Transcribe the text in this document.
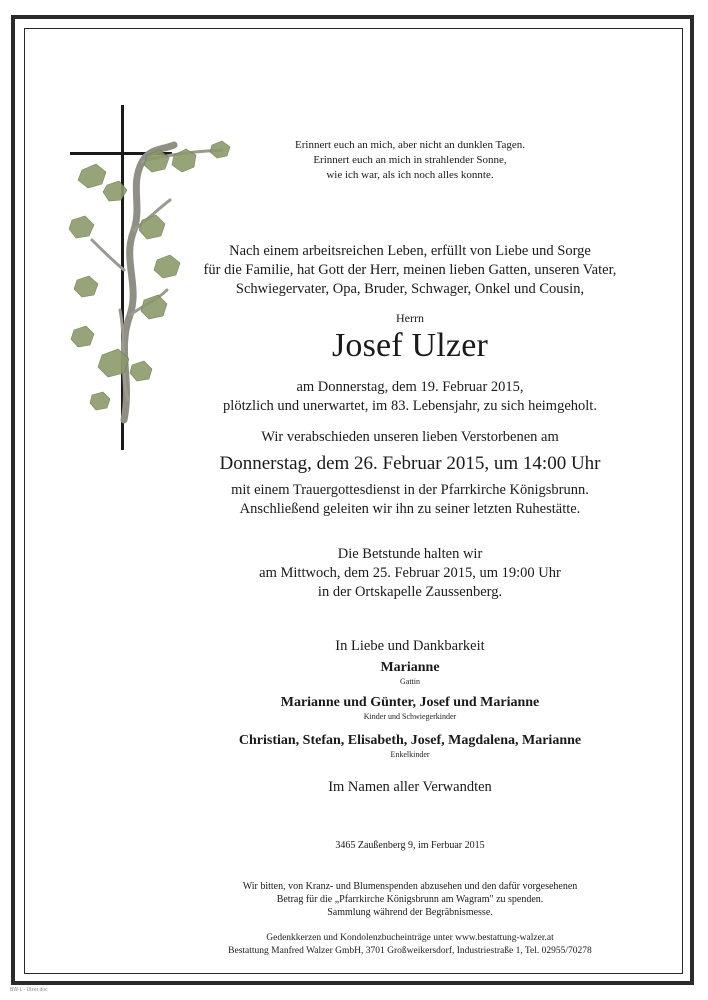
Erinnert euch an mich, aber nicht an dunklen Tagen.
Erinnert euch an mich in strahlender Sonne,
wie ich war, als ich noch alles konnte.
Nach einem arbeitsreichen Leben, erfüllt von Liebe und Sorge
für die Familie, hat Gott der Herr, meinen lieben Gatten, unseren Vater,
Schwiegervater, Opa, Bruder, Schwager, Onkel und Cousin,
Herrn
Josef Ulzer
am Donnerstag, dem 19. Februar 2015,
plötzlich und unerwartet, im 83. Lebensjahr, zu sich heimgeholt.
Wir verabschieden unseren lieben Verstorbenen am
Donnerstag, dem 26. Februar 2015, um 14:00 Uhr
mit einem Trauergottesdienst in der Pfarrkirche Königsbrunn.
Anschließend geleiten wir ihn zu seiner letzten Ruhestätte.
Die Betstunde halten wir
am Mittwoch, dem 25. Februar 2015, um 19:00 Uhr
in der Ortskapelle Zaussenberg.
In Liebe und Dankbarkeit
Marianne
Gattin
Marianne und Günter, Josef und Marianne
Kinder und Schwiegerkinder
Christian, Stefan, Elisabeth, Josef, Magdalena, Marianne
Enkelkinder
Im Namen aller Verwandten
3465 Zaußenberg 9, im Ferbuar 2015
Wir bitten, von Kranz- und Blumenspenden abzusehen und den dafür vorgesehenen
Betrag für die „Pfarrkirche Königsbrunn am Wagram" zu spenden.
Sammlung während der Begräbnismesse.
Gedenkkerzen und Kondolenzbucheinträge unter www.bestattung-walzer.at
Bestattung Manfred Walzer GmbH, 3701 Großweikersdorf, Industriestraße 1, Tel. 02955/70278
BW-L - Ulzer.doc
